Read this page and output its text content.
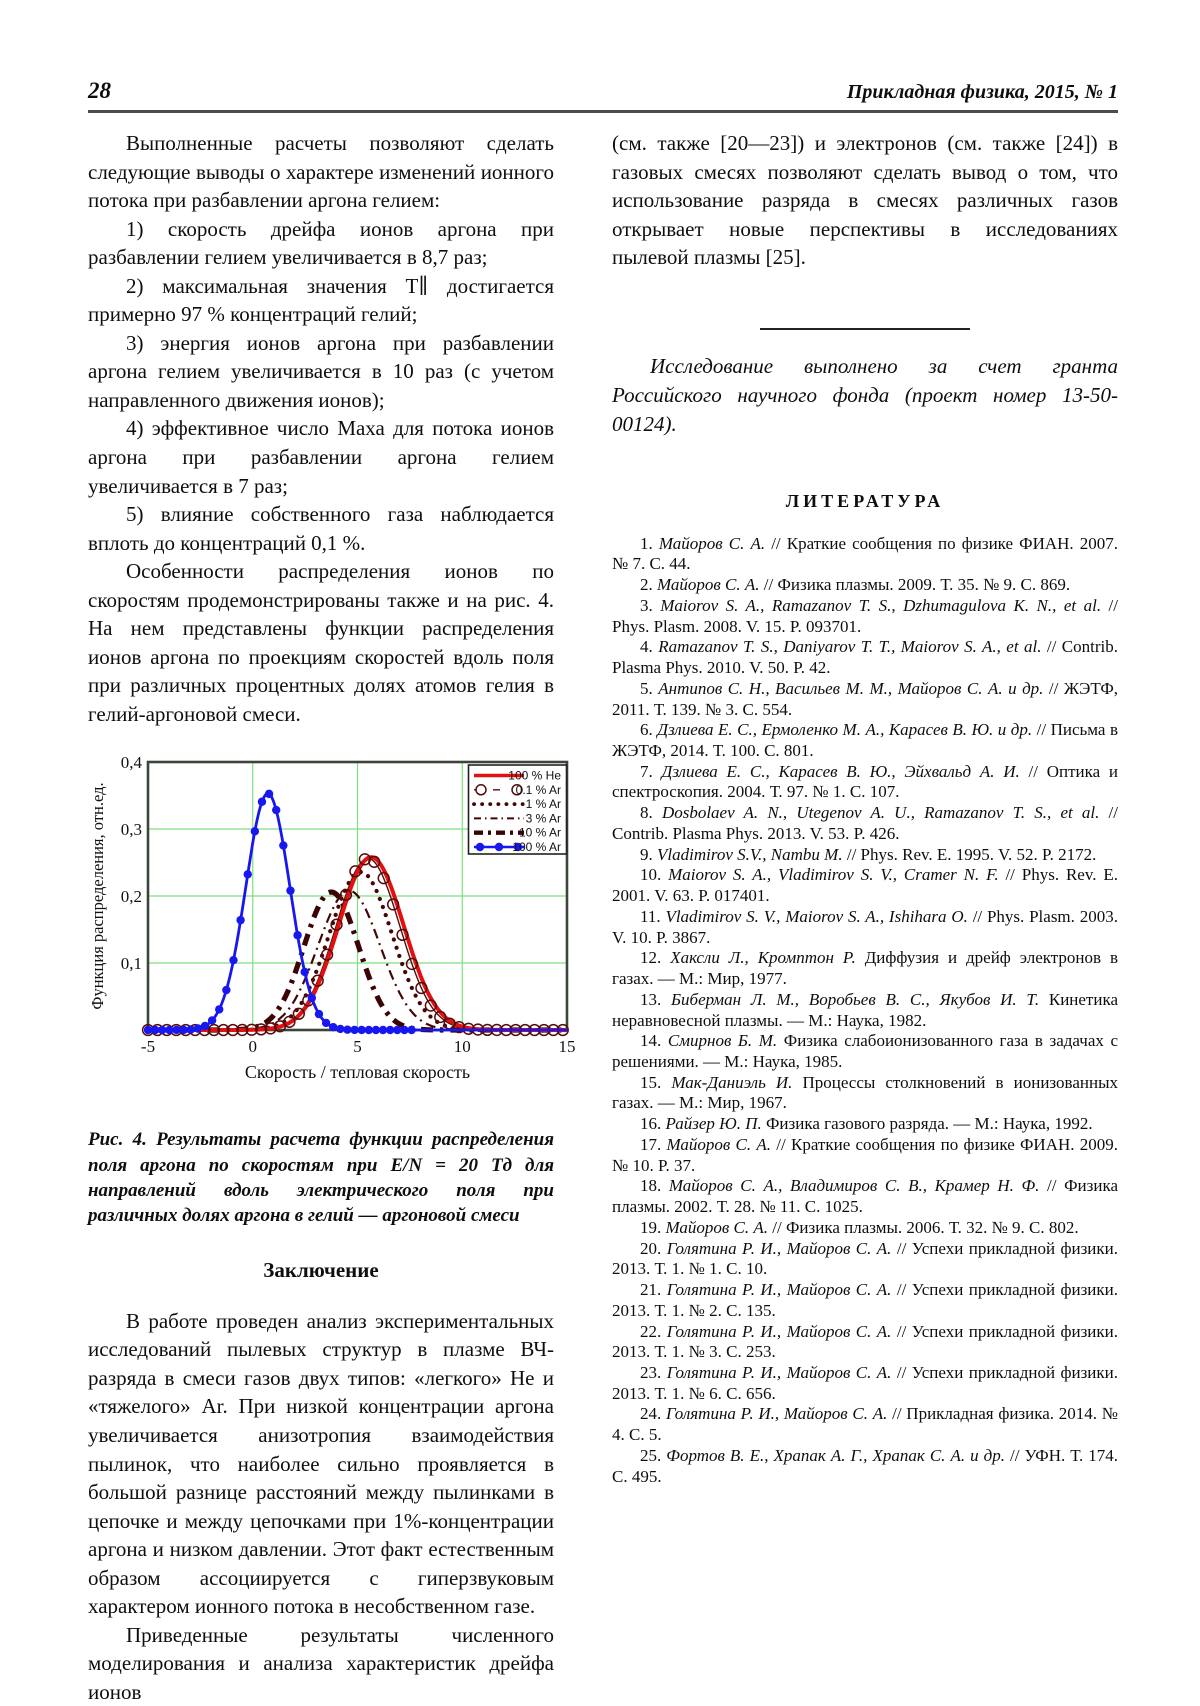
28	Прикладная физика, 2015, № 1

Выполненные расчеты позволяют сделать следующие выводы о характере изменений ионного потока при разбавлении аргона гелием:

1) скорость дрейфа ионов аргона при разбавлении гелием увеличивается в 8,7 раз;

2) максимальная значения T∥ достигается примерно 97 % концентраций гелий;

3) энергия ионов аргона при разбавлении аргона гелием увеличивается в 10 раз (с учетом направленного движения ионов);

4) эффективное число Маха для потока ионов аргона при разбавлении аргона гелием увеличивается в 7 раз;

5) влияние собственного газа наблюдается вплоть до концентраций 0,1 %.

Особенности распределения ионов по скоростям продемонстрированы также и на рис. 4. На нем представлены функции распределения ионов аргона по проекциям скоростей вдоль поля при различных процентных долях атомов гелия в гелий-аргоновой смеси.

-5	0	5	10	15
0,1
0,2
0,3
0,4
Скорость / тепловая скорость
Функция распределения, отн.ед.
100 % He
0.1 % Ar
1 % Ar
3 % Ar
10 % Ar
100 % Ar

Рис. 4. Результаты расчета функции распределения поля аргона по скоростям при E/N = 20 Тд для направлений вдоль электрического поля при различных долях аргона в гелий — аргоновой смеси

Заключение

В работе проведен анализ экспериментальных исследований пылевых структур в плазме ВЧ-разряда в смеси газов двух типов: «легкого» He и «тяжелого» Ar. При низкой концентрации аргона увеличивается анизотропия взаимодействия пылинок, что наиболее сильно проявляется в большой разнице расстояний между пылинками в цепочке и между цепочками при 1%-концентрации аргона и низком давлении. Этот факт естественным образом ассоциируется с гиперзвуковым характером ионного потока в несобственном газе.

Приведенные результаты численного моделирования и анализа характеристик дрейфа ионов

(см. также [20—23]) и электронов (см. также [24]) в газовых смесях позволяют сделать вывод о том, что использование разряда в смесях различных газов открывает новые перспективы в исследованиях пылевой плазмы [25].

Исследование выполнено за счет гранта Российского научного фонда (проект номер 13-50-00124).

ЛИТЕРАТУРА

1. Майоров С. А. // Краткие сообщения по физике ФИАН. 2007. № 7. С. 44.

2. Майоров С. А. // Физика плазмы. 2009. Т. 35. № 9. С. 869.

3. Maiorov S. A., Ramazanov T. S., Dzhumagulova K. N., et al. // Phys. Plasm. 2008. V. 15. P. 093701.

4. Ramazanov T. S., Daniyarov T. T., Maiorov S. A., et al. // Contrib. Plasma Phys. 2010. V. 50. P. 42.

5. Антипов С. Н., Васильев М. М., Майоров С. А. и др. // ЖЭТФ, 2011. Т. 139. № 3. С. 554.

6. Дзлиева Е. С., Ермоленко М. А., Карасев В. Ю. и др. // Письма в ЖЭТФ, 2014. Т. 100. С. 801.

7. Дзлиева Е. С., Карасев В. Ю., Эйхвальд А. И. // Оптика и спектроскопия. 2004. Т. 97. № 1. С. 107.

8. Dosbolaev A. N., Utegenov A. U., Ramazanov T. S., et al. // Contrib. Plasma Phys. 2013. V. 53. P. 426.

9. Vladimirov S.V., Nambu M. // Phys. Rev. E. 1995. V. 52. P. 2172.

10. Maiorov S. A., Vladimirov S. V., Cramer N. F. // Phys. Rev. E. 2001. V. 63. P. 017401.

11. Vladimirov S. V., Maiorov S. A., Ishihara O. // Phys. Plasm. 2003. V. 10. P. 3867.

12. Хаксли Л., Кромптон Р. Диффузия и дрейф электронов в газах. — М.: Мир, 1977.

13. Биберман Л. М., Воробьев В. С., Якубов И. Т. Кинетика неравновесной плазмы. — М.: Наука, 1982.

14. Смирнов Б. М. Физика слабоионизованного газа в задачах с решениями. — М.: Наука, 1985.

15. Мак-Даниэль И. Процессы столкновений в ионизованных газах. — М.: Мир, 1967.

16. Райзер Ю. П. Физика газового разряда. — М.: Наука, 1992.

17. Майоров С. А. // Краткие сообщения по физике ФИАН. 2009. № 10. P. 37.

18. Майоров С. А., Владимиров С. В., Крамер Н. Ф. // Физика плазмы. 2002. Т. 28. № 11. С. 1025.

19. Майоров С. А. // Физика плазмы. 2006. Т. 32. № 9. С. 802.

20. Голятина Р. И., Майоров С. А. // Успехи прикладной физики. 2013. Т. 1. № 1. С. 10.

21. Голятина Р. И., Майоров С. А. // Успехи прикладной физики. 2013. Т. 1. № 2. С. 135.

22. Голятина Р. И., Майоров С. А. // Успехи прикладной физики. 2013. Т. 1. № 3. С. 253.

23. Голятина Р. И., Майоров С. А. // Успехи прикладной физики. 2013. Т. 1. № 6. С. 656.

24. Голятина Р. И., Майоров С. А. // Прикладная физика. 2014. № 4. С. 5.

25. Фортов В. Е., Храпак А. Г., Храпак С. А. и др. // УФН. Т. 174. С. 495.
